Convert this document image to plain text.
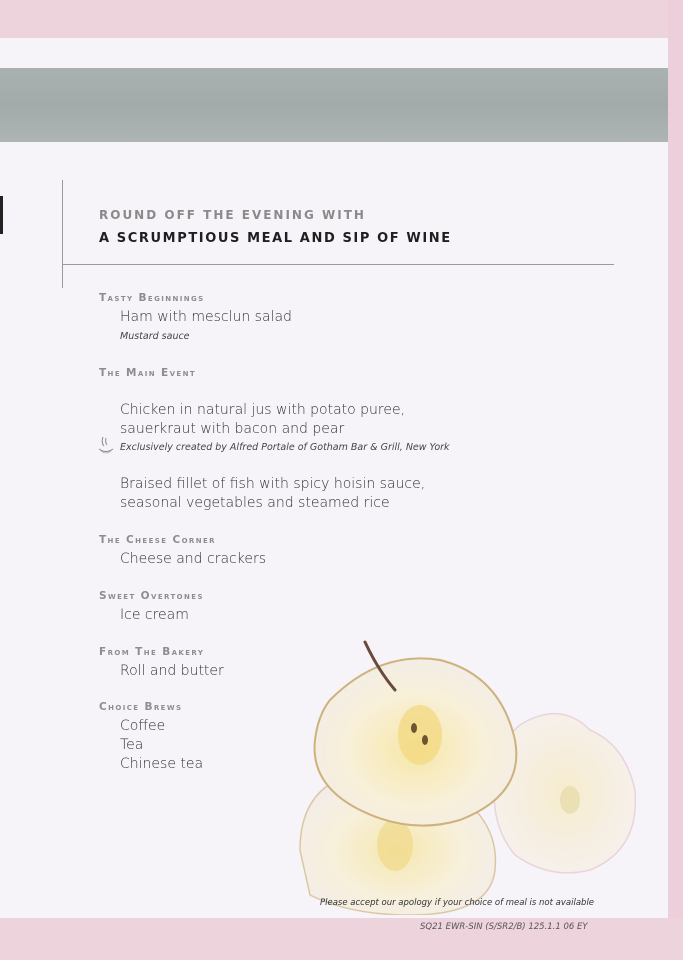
ROUND OFF THE EVENING WITH
A SCRUMPTIOUS MEAL AND SIP OF WINE
Tasty Beginnings
Ham with mesclun salad
Mustard sauce
The Main Event
Chicken in natural jus with potato puree,
sauerkraut with bacon and pear
Exclusively created by Alfred Portale of Gotham Bar & Grill, New York
Braised fillet of fish with spicy hoisin sauce,
seasonal vegetables and steamed rice
The Cheese Corner
Cheese and crackers
Sweet Overtones
Ice cream
From The Bakery
Roll and butter
Choice Brews
Coffee
Tea
Chinese tea
Please accept our apology if your choice of meal is not available
SQ21 EWR-SIN (S/SR2/B) 125.1.1 06 EY
